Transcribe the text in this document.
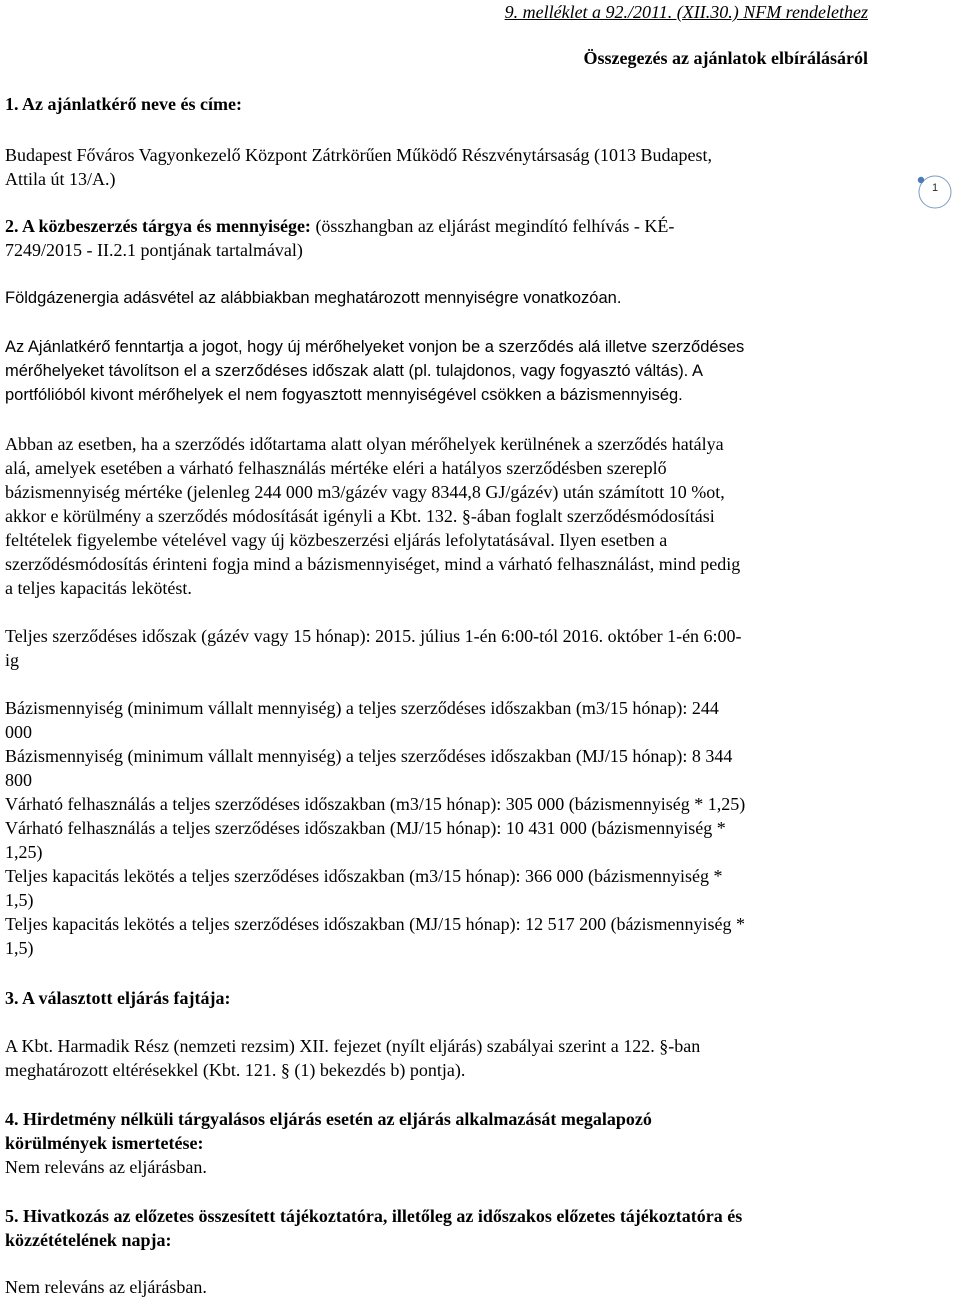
9. melléklet a 92./2011. (XII.30.) NFM rendelethez
Összegezés az ajánlatok elbírálásáról
1
1. Az ajánlatkérő neve és címe:
Budapest Főváros Vagyonkezelő Központ Zátrkörűen Működő Részvénytársaság (1013 Budapest,
Attila út 13/A.)
2. A közbeszerzés tárgya és mennyisége: (összhangban az eljárást megindító felhívás - KÉ-
7249/2015 - II.2.1 pontjának tartalmával)
Földgázenergia adásvétel az alábbiakban meghatározott mennyiségre vonatkozóan.
Az Ajánlatkérő fenntartja a jogot, hogy új mérőhelyeket vonjon be a szerződés alá illetve szerződéses
mérőhelyeket távolítson el a szerződéses időszak alatt (pl. tulajdonos, vagy fogyasztó váltás). A
portfólióból kivont mérőhelyek el nem fogyasztott mennyiségével csökken a bázismennyiség.
Abban az esetben, ha a szerződés időtartama alatt olyan mérőhelyek kerülnének a szerződés hatálya
alá, amelyek esetében a várható felhasználás mértéke eléri a hatályos szerződésben szereplő
bázismennyiség mértéke (jelenleg 244 000 m3/gázév vagy 8344,8 GJ/gázév) után számított 10 %ot,
akkor e körülmény a szerződés módosítását igényli a Kbt. 132. §-ában foglalt szerződésmódosítási
feltételek figyelembe vételével vagy új közbeszerzési eljárás lefolytatásával. Ilyen esetben a
szerződésmódosítás érinteni fogja mind a bázismennyiséget, mind a várható felhasználást, mind pedig
a teljes kapacitás lekötést.
Teljes szerződéses időszak (gázév vagy 15 hónap): 2015. július 1-én 6:00-tól 2016. október 1-én 6:00-
ig
Bázismennyiség (minimum vállalt mennyiség) a teljes szerződéses időszakban (m3/15 hónap): 244
000
Bázismennyiség (minimum vállalt mennyiség) a teljes szerződéses időszakban (MJ/15 hónap): 8 344
800
Várható felhasználás a teljes szerződéses időszakban (m3/15 hónap): 305 000 (bázismennyiség * 1,25)
Várható felhasználás a teljes szerződéses időszakban (MJ/15 hónap): 10 431 000 (bázismennyiség *
1,25)
Teljes kapacitás lekötés a teljes szerződéses időszakban (m3/15 hónap): 366 000 (bázismennyiség *
1,5)
Teljes kapacitás lekötés a teljes szerződéses időszakban (MJ/15 hónap): 12 517 200 (bázismennyiség *
1,5)
3. A választott eljárás fajtája:
A Kbt. Harmadik Rész (nemzeti rezsim) XII. fejezet (nyílt eljárás) szabályai szerint a 122. §-ban
meghatározott eltérésekkel (Kbt. 121. § (1) bekezdés b) pontja).
4. Hirdetmény nélküli tárgyalásos eljárás esetén az eljárás alkalmazását megalapozó
körülmények ismertetése:
Nem releváns az eljárásban.
5. Hivatkozás az előzetes összesített tájékoztatóra, illetőleg az időszakos előzetes tájékoztatóra és
közzétételének napja:
Nem releváns az eljárásban.
